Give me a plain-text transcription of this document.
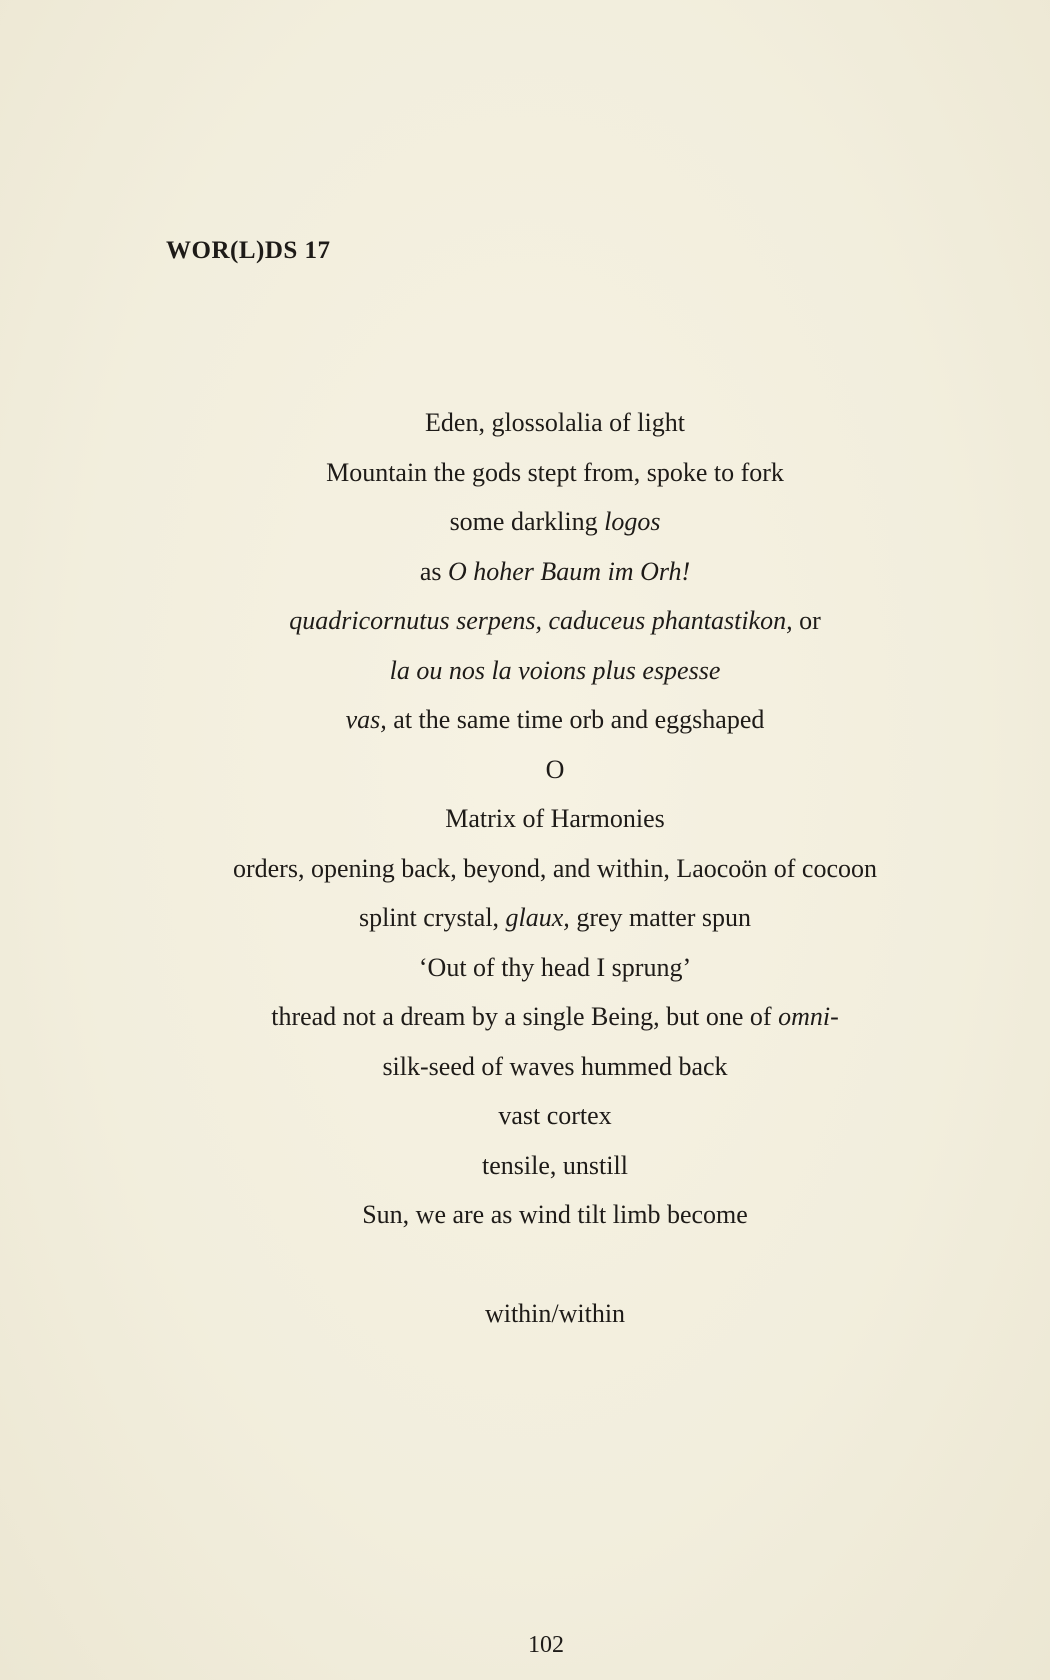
WOR(L)DS 17
Eden, glossolalia of light
Mountain the gods stept from, spoke to fork
some darkling logos
as O hoher Baum im Orh!
quadricornutus serpens, caduceus phantastikon, or
la ou nos la voions plus espesse
vas, at the same time orb and eggshaped
O
Matrix of Harmonies
orders, opening back, beyond, and within, Laocoön of cocoon
splint crystal, glaux, grey matter spun
‘Out of thy head I sprung’
thread not a dream by a single Being, but one of omni-
silk-seed of waves hummed back
vast cortex
tensile, unstill
Sun, we are as wind tilt limb become
within/within
102
